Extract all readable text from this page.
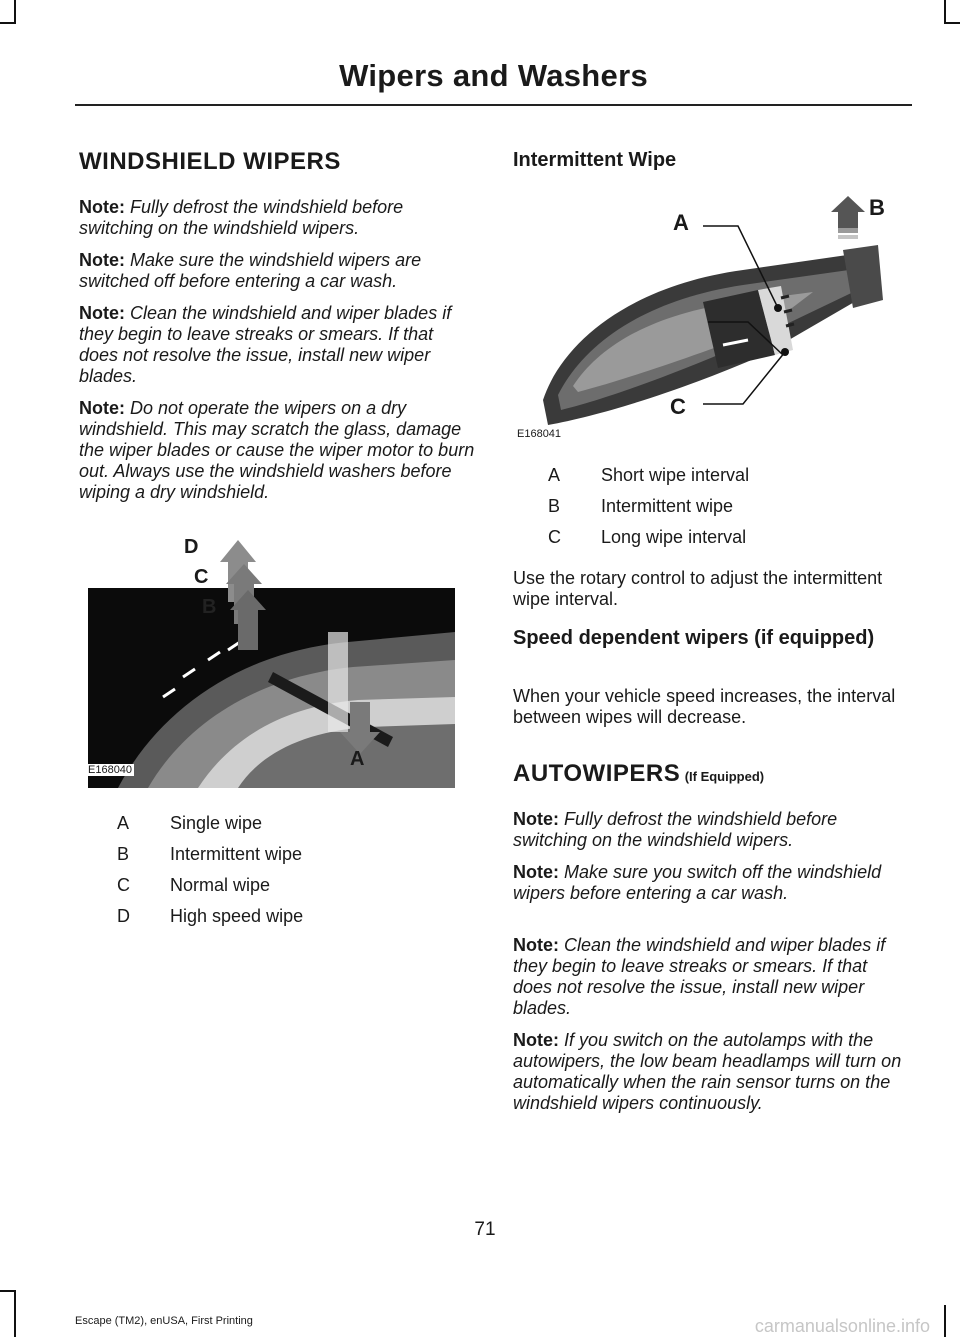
Wipers and Washers
WINDSHIELD WIPERS

Note: Fully defrost the windshield before switching on the windshield wipers.

Note: Make sure the windshield wipers are switched off before entering a car wash.

Note: Clean the windshield and wiper blades if they begin to leave streaks or smears. If that does not resolve the issue, install new wiper blades.

Note: Do not operate the wipers on a dry windshield. This may scratch the glass, damage the wiper blades or cause the wiper motor to burn out. Always use the windshield washers before wiping a dry windshield.

D
C
B
A
E168040
A Single wipe
B Intermittent wipe
C Normal wipe
D High speed wipe
Intermittent Wipe
A
B
C
E168041
A Short wipe interval
B Intermittent wipe
C Long wipe interval

Use the rotary control to adjust the intermittent wipe interval.

Speed dependent wipers (if equipped)

When your vehicle speed increases, the interval between wipes will decrease.

AUTOWIPERS (If Equipped)

Note: Fully defrost the windshield before switching on the windshield wipers.

Note: Make sure you switch off the windshield wipers before entering a car wash.

Note: Clean the windshield and wiper blades if they begin to leave streaks or smears. If that does not resolve the issue, install new wiper blades.

Note: If you switch on the autolamps with the autowipers, the low beam headlamps will turn on automatically when the rain sensor turns on the windshield wipers continuously.

71
Escape (TM2), enUSA, First Printing	carmanualsonline.info
